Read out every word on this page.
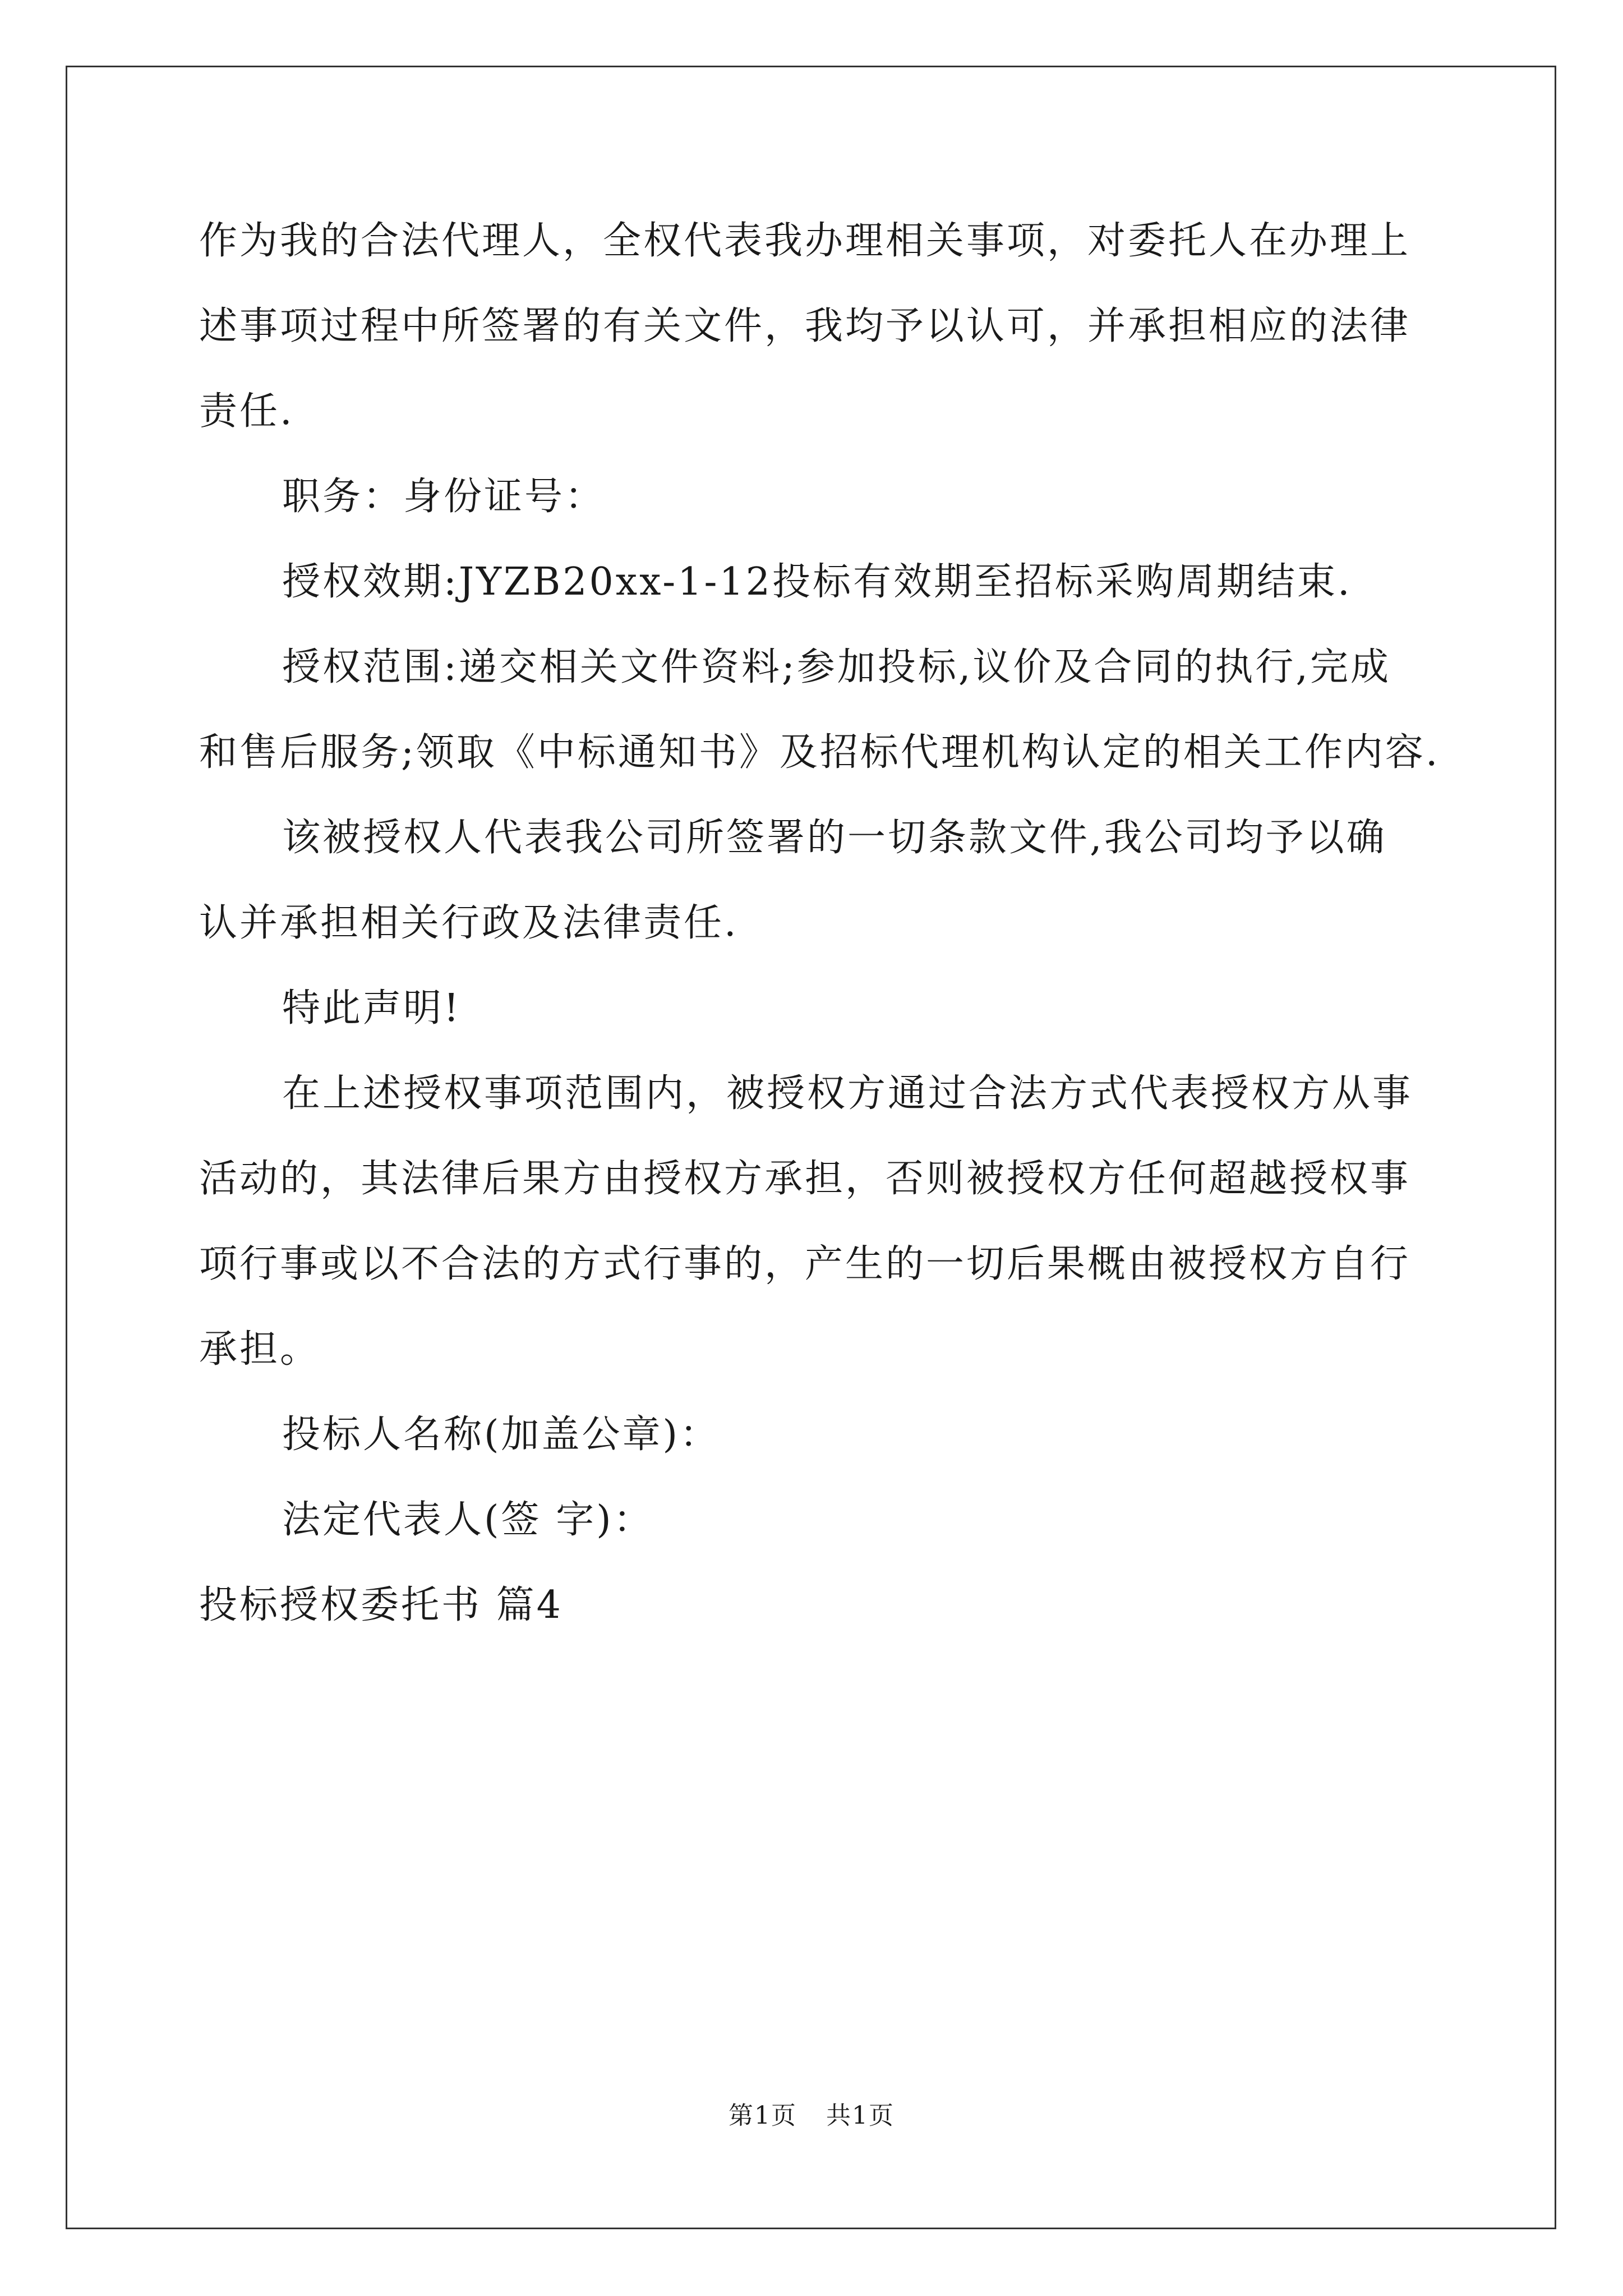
作为我的合法代理人，全权代表我办理相关事项，对委托人在办理上
述事项过程中所签署的有关文件，我均予以认可，并承担相应的法律
责任.
职务：身份证号：
授权效期:JYZB20xx-1-12投标有效期至招标采购周期结束.
授权范围:递交相关文件资料;参加投标,议价及合同的执行,完成
和售后服务;领取《中标通知书》及招标代理机构认定的相关工作内容.
该被授权人代表我公司所签署的一切条款文件,我公司均予以确
认并承担相关行政及法律责任.
特此声明!
在上述授权事项范围内，被授权方通过合法方式代表授权方从事
活动的，其法律后果方由授权方承担，否则被授权方任何超越授权事
项行事或以不合法的方式行事的，产生的一切后果概由被授权方自行
承担。
投标人名称(加盖公章)：
法定代表人(签 字)：
投标授权委托书 篇4
第1页 共1页
